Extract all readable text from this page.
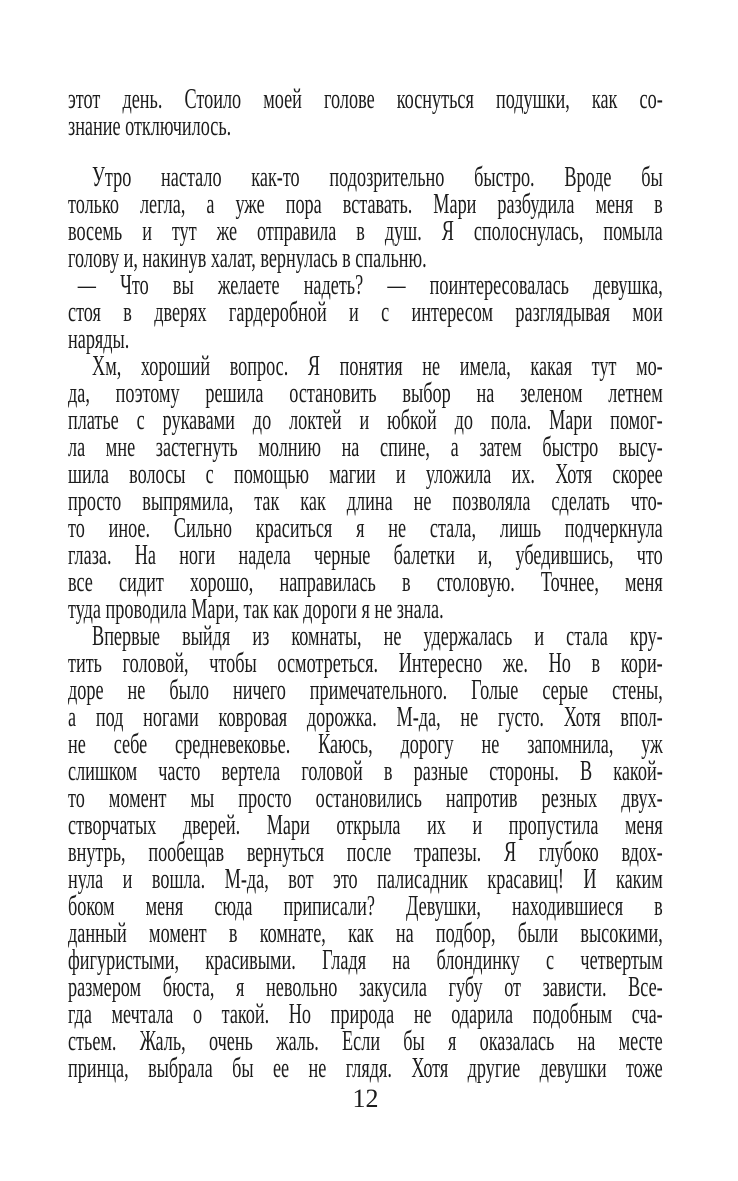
этот день. Стоило моей голове коснуться подушки, как со-
знание отключилось.
Утро настало как-то подозрительно быстро. Вроде бы
только легла, а уже пора вставать. Мари разбудила меня в
восемь и тут же отправила в душ. Я сполоснулась, помыла
голову и, накинув халат, вернулась в спальню.
— Что вы желаете надеть? — поинтересовалась девушка,
стоя в дверях гардеробной и с интересом разглядывая мои
наряды.
Хм, хороший вопрос. Я понятия не имела, какая тут мо-
да, поэтому решила остановить выбор на зеленом летнем
платье с рукавами до локтей и юбкой до пола. Мари помог-
ла мне застегнуть молнию на спине, а затем быстро высу-
шила волосы с помощью магии и уложила их. Хотя скорее
просто выпрямила, так как длина не позволяла сделать что-
то иное. Сильно краситься я не стала, лишь подчеркнула
глаза. На ноги надела черные балетки и, убедившись, что
все сидит хорошо, направилась в столовую. Точнее, меня
туда проводила Мари, так как дороги я не знала.
Впервые выйдя из комнаты, не удержалась и стала кру-
тить головой, чтобы осмотреться. Интересно же. Но в кори-
доре не было ничего примечательного. Голые серые стены,
а под ногами ковровая дорожка. М-да, не густо. Хотя впол-
не себе средневековье. Каюсь, дорогу не запомнила, уж
слишком часто вертела головой в разные стороны. В какой-
то момент мы просто остановились напротив резных двух-
створчатых дверей. Мари открыла их и пропустила меня
внутрь, пообещав вернуться после трапезы. Я глубоко вдох-
нула и вошла. М-да, вот это палисадник красавиц! И каким
боком меня сюда приписали? Девушки, находившиеся в
данный момент в комнате, как на подбор, были высокими,
фигуристыми, красивыми. Гладя на блондинку с четвертым
размером бюста, я невольно закусила губу от зависти. Все-
гда мечтала о такой. Но природа не одарила подобным сча-
стьем. Жаль, очень жаль. Если бы я оказалась на месте
принца, выбрала бы ее не глядя. Хотя другие девушки тоже
12
